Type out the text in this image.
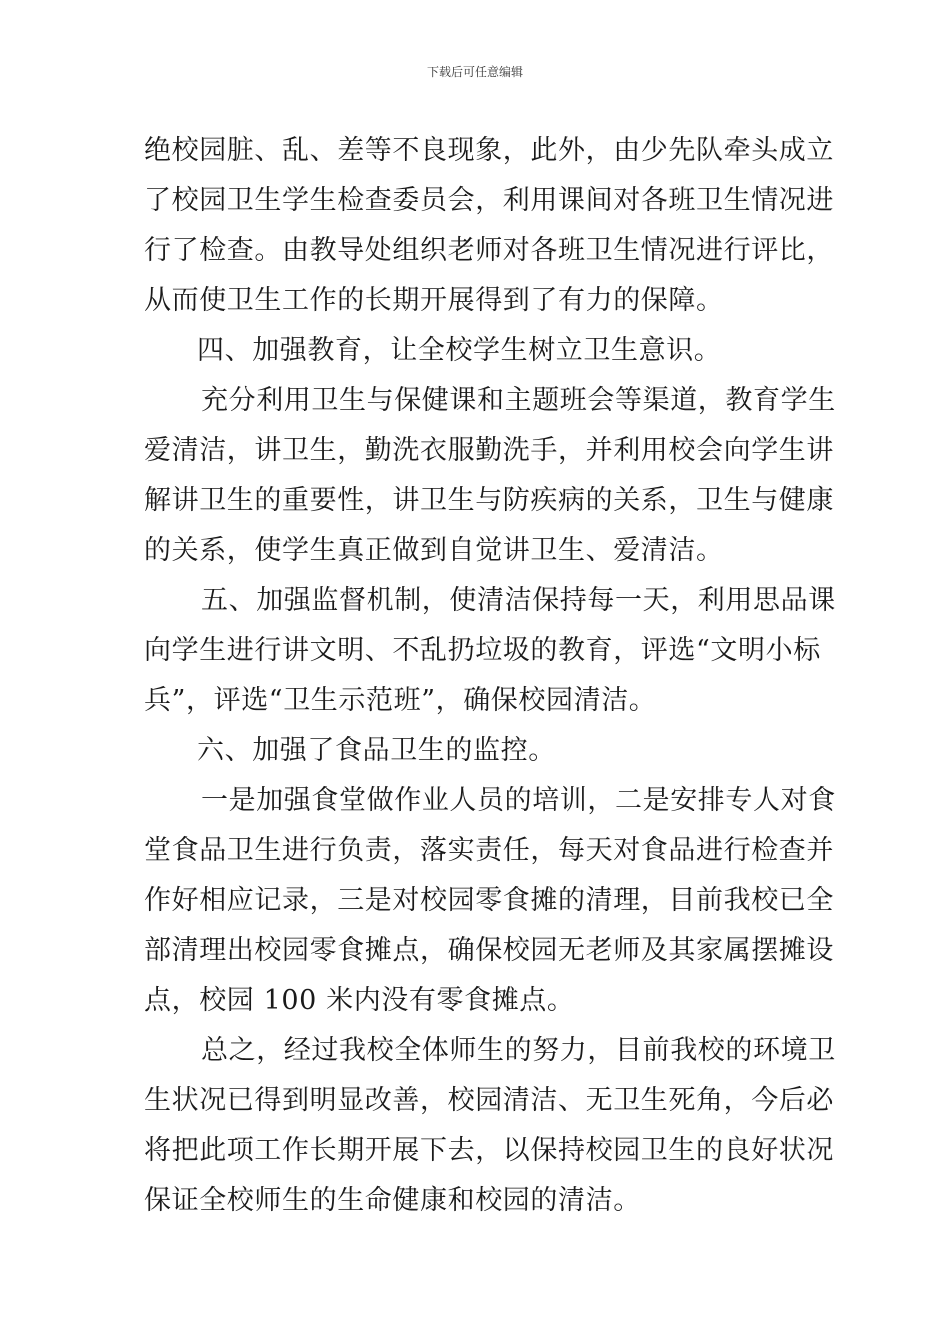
下载后可任意编辑
绝校园脏、乱、差等不良现象，此外，由少先队牵头成立
了校园卫生学生检查委员会，利用课间对各班卫生情况进
行了检查。由教导处组织老师对各班卫生情况进行评比，
从而使卫生工作的长期开展得到了有力的保障。
四、加强教育，让全校学生树立卫生意识。
充分利用卫生与保健课和主题班会等渠道，教育学生
爱清洁，讲卫生，勤洗衣服勤洗手，并利用校会向学生讲
解讲卫生的重要性，讲卫生与防疾病的关系，卫生与健康
的关系，使学生真正做到自觉讲卫生、爱清洁。
五、加强监督机制，使清洁保持每一天，利用思品课
向学生进行讲文明、不乱扔垃圾的教育，评选“文明小标
兵”，评选“卫生示范班”，确保校园清洁。
六、加强了食品卫生的监控。
一是加强食堂做作业人员的培训，二是安排专人对食
堂食品卫生进行负责，落实责任，每天对食品进行检查并
作好相应记录，三是对校园零食摊的清理，目前我校已全
部清理出校园零食摊点，确保校园无老师及其家属摆摊设
点，校园 100 米内没有零食摊点。
总之，经过我校全体师生的努力，目前我校的环境卫
生状况已得到明显改善，校园清洁、无卫生死角，今后必
将把此项工作长期开展下去，以保持校园卫生的良好状况
保证全校师生的生命健康和校园的清洁。
